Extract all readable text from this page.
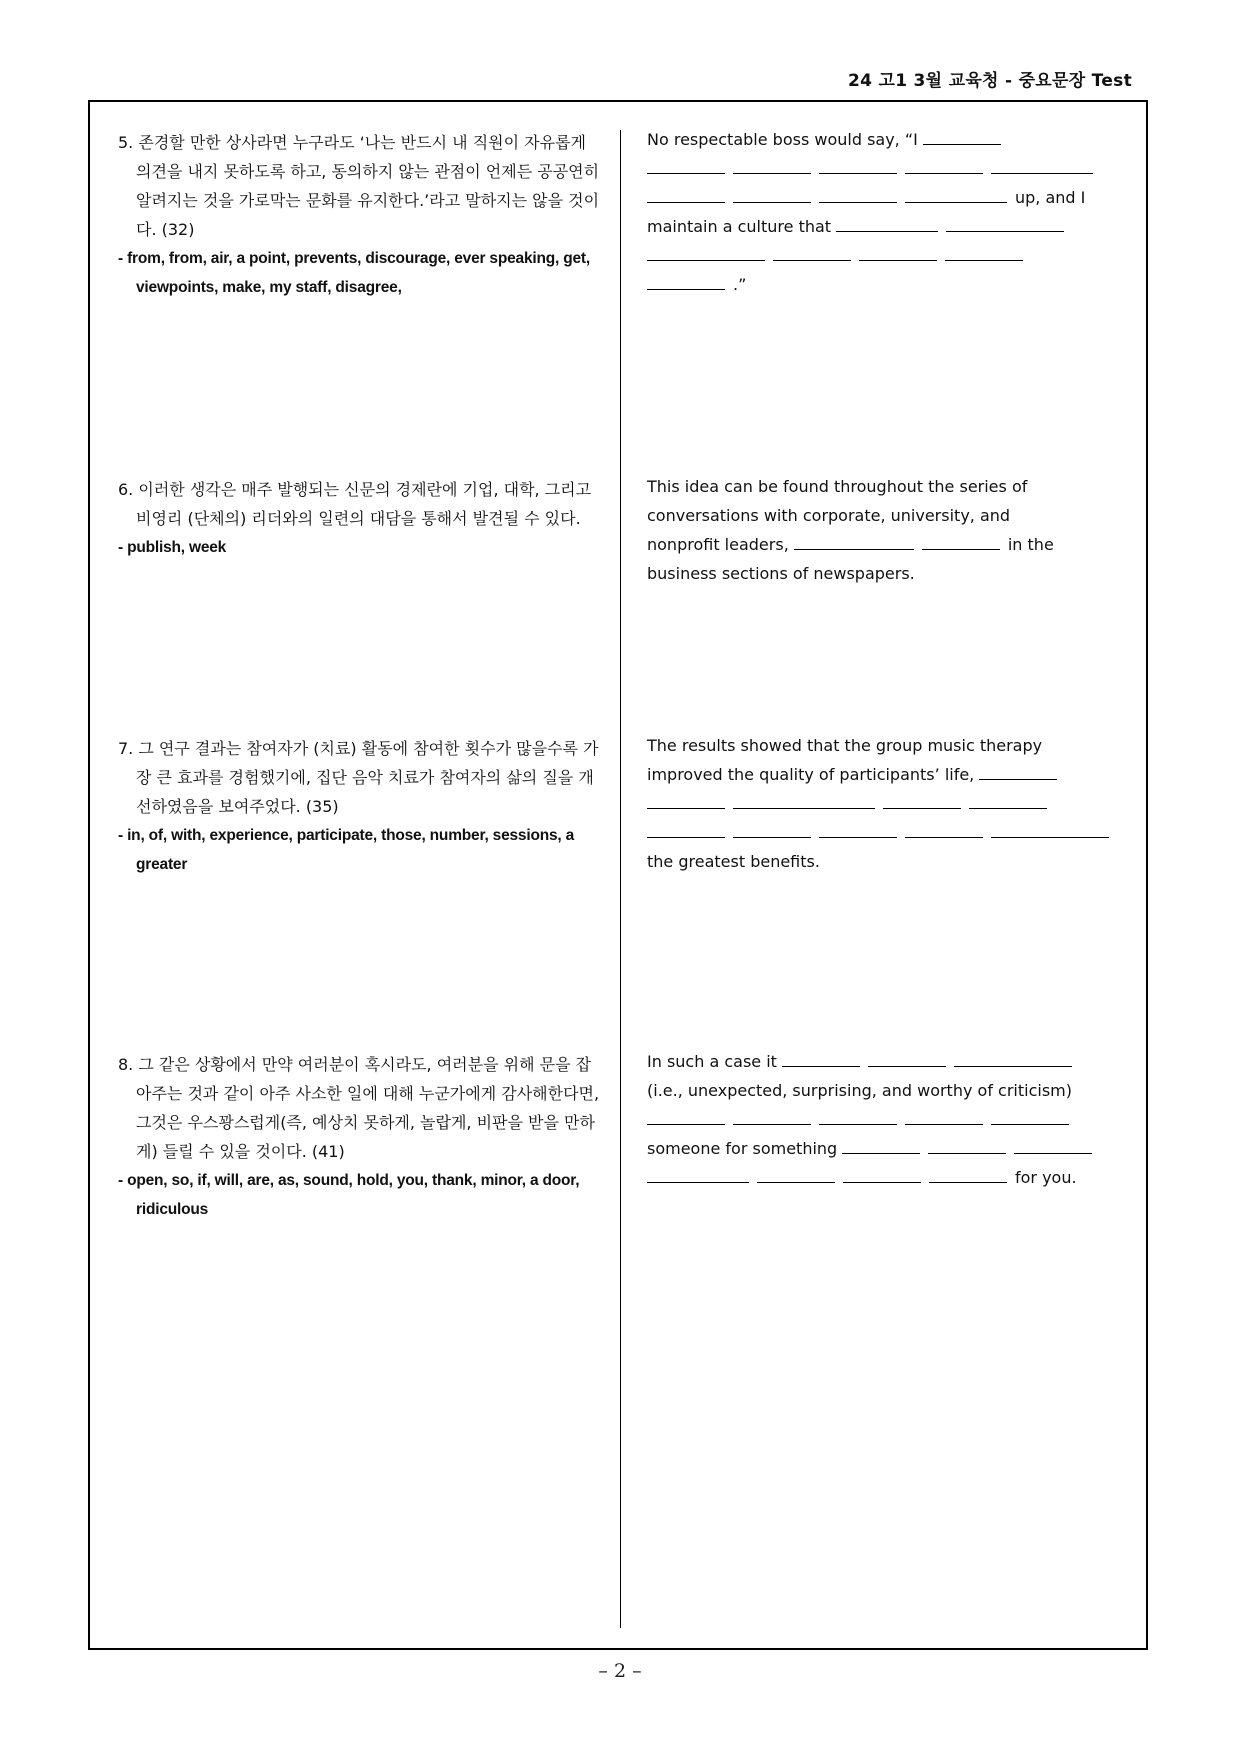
24 고1 3월 교육청 - 중요문장 Test
5. 존경할 만한 상사라면 누구라도 ‘나는 반드시 내 직원이 자유롭게 의견을 내지 못하도록 하고, 동의하지 않는 관점이 언제든 공공연히 알려지는 것을 가로막는 문화를 유지한다.’라고 말하지는 않을 것이다. (32)
- from, from, air, a point, prevents, discourage, ever speaking, get, viewpoints, make, my staff, disagree,
No respectable boss would say, “I
up, and I
maintain a culture that
.”
6. 이러한 생각은 매주 발행되는 신문의 경제란에 기업, 대학, 그리고 비영리 (단체의) 리더와의 일련의 대담을 통해서 발견될 수 있다.
- publish, week
This idea can be found throughout the series of
conversations with corporate, university, and
nonprofit leaders,	in the
business sections of newspapers.
7. 그 연구 결과는 참여자가 (치료) 활동에 참여한 횟수가 많을수록 가장 큰 효과를 경험했기에, 집단 음악 치료가 참여자의 삶의 질을 개선하였음을 보여주었다. (35)
- in, of, with, experience, participate, those, number, sessions, a greater
The results showed that the group music therapy
improved the quality of participants’ life,
the greatest benefits.
8. 그 같은 상황에서 만약 여러분이 혹시라도, 여러분을 위해 문을 잡아주는 것과 같이 아주 사소한 일에 대해 누군가에게 감사해한다면, 그것은 우스꽝스럽게(즉, 예상치 못하게, 놀랍게, 비판을 받을 만하게) 들릴 수 있을 것이다. (41)
- open, so, if, will, are, as, sound, hold, you, thank, minor, a door, ridiculous
In such a case it
(i.e., unexpected, surprising, and worthy of criticism)
someone for something
for you.
– 2 –
